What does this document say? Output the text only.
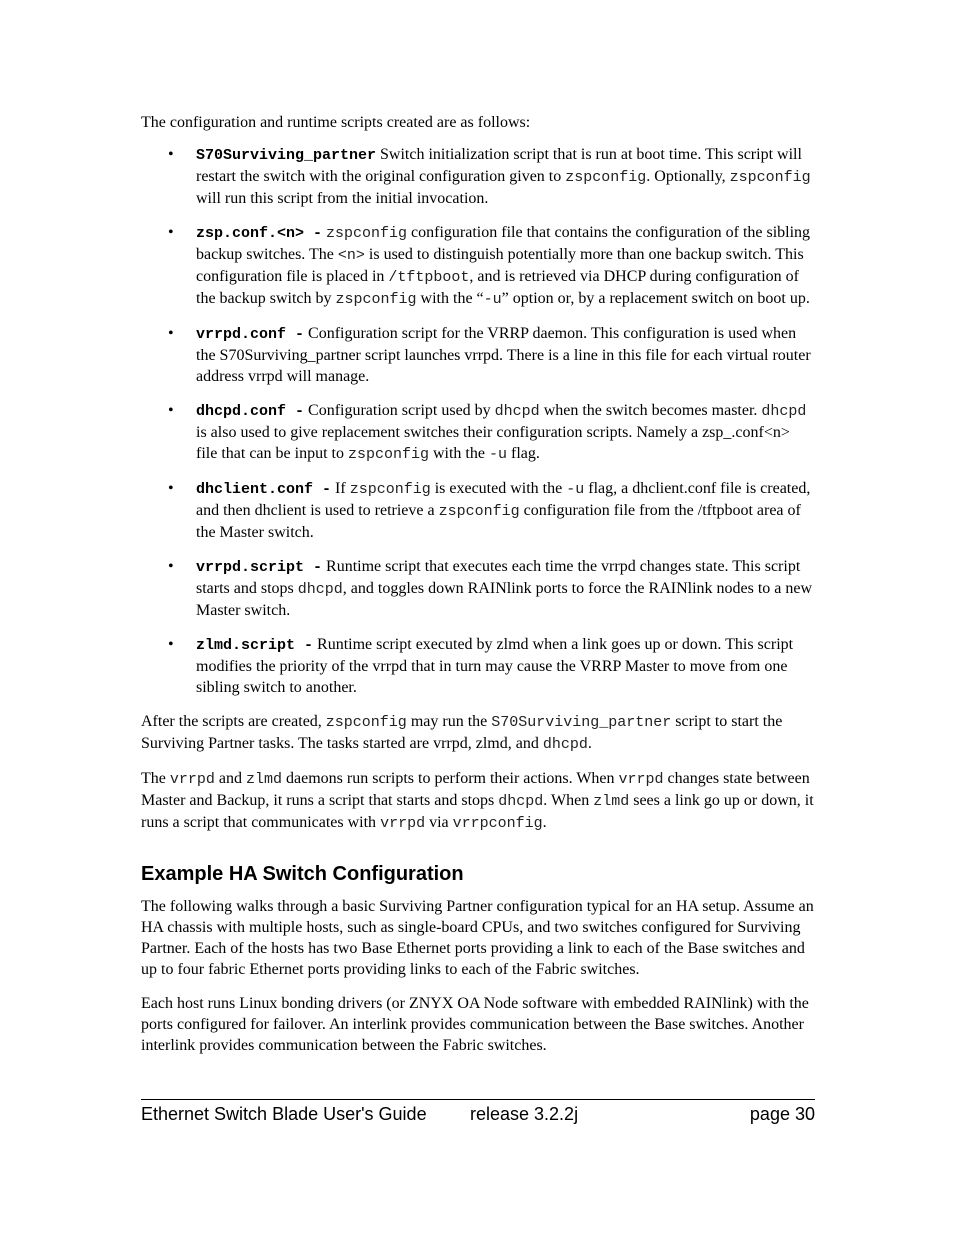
The configuration and runtime scripts created are as follows:

• S70Surviving_partner Switch initialization script that is run at boot time. This script will restart the switch with the original configuration given to zspconfig. Optionally, zspconfig will run this script from the initial invocation.
• zsp.conf.<n> - zspconfig configuration file that contains the configuration of the sibling backup switches. The <n> is used to distinguish potentially more than one backup switch. This configuration file is placed in /tftpboot, and is retrieved via DHCP during configuration of the backup switch by zspconfig with the “-u” option or, by a replacement switch on boot up.
• vrrpd.conf - Configuration script for the VRRP daemon. This configuration is used when the S70Surviving_partner script launches vrrpd. There is a line in this file for each virtual router address vrrpd will manage.
• dhcpd.conf - Configuration script used by dhcpd when the switch becomes master. dhcpd is also used to give replacement switches their configuration scripts. Namely a zsp_.conf<n> file that can be input to zspconfig with the -u flag.
• dhclient.conf - If zspconfig is executed with the -u flag, a dhclient.conf file is created, and then dhclient is used to retrieve a zspconfig configuration file from the /tftpboot area of the Master switch.
• vrrpd.script - Runtime script that executes each time the vrrpd changes state. This script starts and stops dhcpd, and toggles down RAINlink ports to force the RAINlink nodes to a new Master switch.
• zlmd.script - Runtime script executed by zlmd when a link goes up or down. This script modifies the priority of the vrrpd that in turn may cause the VRRP Master to move from one sibling switch to another.

After the scripts are created, zspconfig may run the S70Surviving_partner script to start the Surviving Partner tasks. The tasks started are vrrpd, zlmd, and dhcpd.

The vrrpd and zlmd daemons run scripts to perform their actions. When vrrpd changes state between Master and Backup, it runs a script that starts and stops dhcpd. When zlmd sees a link go up or down, it runs a script that communicates with vrrpd via vrrpconfig.

Example HA Switch Configuration

The following walks through a basic Surviving Partner configuration typical for an HA setup. Assume an HA chassis with multiple hosts, such as single-board CPUs, and two switches configured for Surviving Partner. Each of the hosts has two Base Ethernet ports providing a link to each of the Base switches and up to four fabric Ethernet ports providing links to each of the Fabric switches.

Each host runs Linux bonding drivers (or ZNYX OA Node software with embedded RAINlink) with the ports configured for failover. An interlink provides communication between the Base switches. Another interlink provides communication between the Fabric switches.

Ethernet Switch Blade User's Guide	release 3.2.2j	page 30
